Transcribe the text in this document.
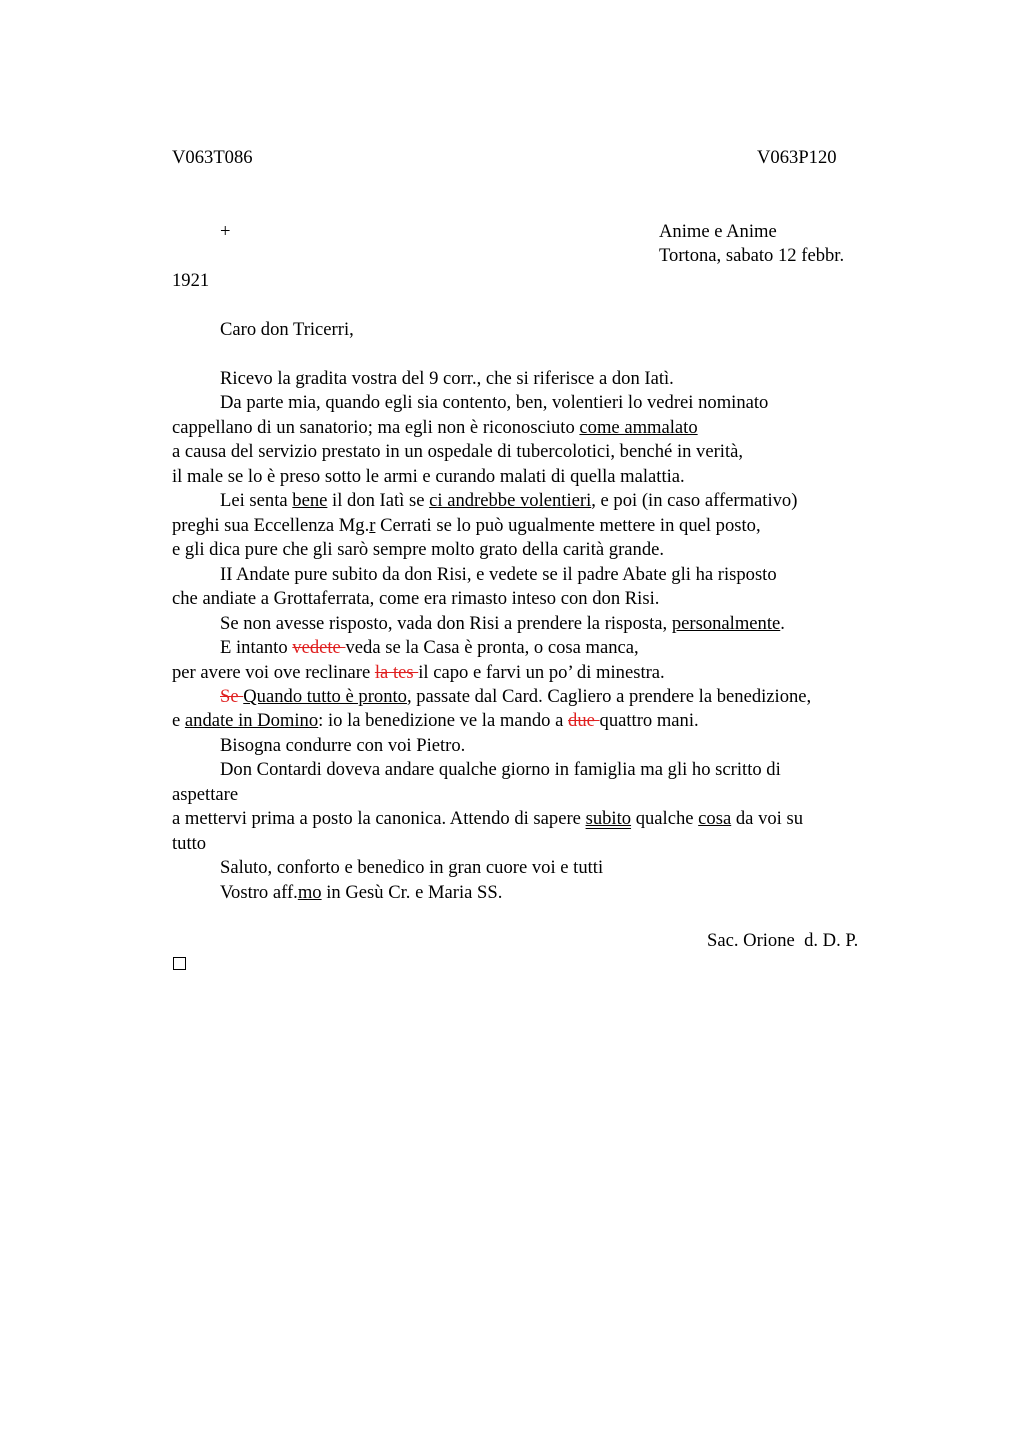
V063T086	V063P120
+	Anime e Anime
Tortona, sabato 12 febbr.
1921
Caro don Tricerri,
Ricevo la gradita vostra del 9 corr., che si riferisce a don Iatì.
Da parte mia, quando egli sia contento, ben, volentieri lo vedrei nominato
cappellano di un sanatorio; ma egli non è riconosciuto come ammalato
a causa del servizio prestato in un ospedale di tubercolotici, benché in verità,
il male se lo è preso sotto le armi e curando malati di quella malattia.
Lei senta bene il don Iatì se ci andrebbe volentieri, e poi (in caso affermativo)
preghi sua Eccellenza Mg.r Cerrati se lo può ugualmente mettere in quel posto,
e gli dica pure che gli sarò sempre molto grato della carità grande.
II Andate pure subito da don Risi, e vedete se il padre Abate gli ha risposto
che andiate a Grottaferrata, come era rimasto inteso con don Risi.
Se non avesse risposto, vada don Risi a prendere la risposta, personalmente.
E intanto vedete veda se la Casa è pronta, o cosa manca,
per avere voi ove reclinare la tes il capo e farvi un po’ di minestra.
Se Quando tutto è pronto, passate dal Card. Cagliero a prendere la benedizione,
e andate in Domino: io la benedizione ve la mando a due quattro mani.
Bisogna condurre con voi Pietro.
Don Contardi doveva andare qualche giorno in famiglia ma gli ho scritto di
aspettare
a mettervi prima a posto la canonica. Attendo di sapere subito qualche cosa da voi su
tutto
Saluto, conforto e benedico in gran cuore voi e tutti
Vostro aff.mo in Gesù Cr. e Maria SS.
Sac. Orione  d. D. P.
